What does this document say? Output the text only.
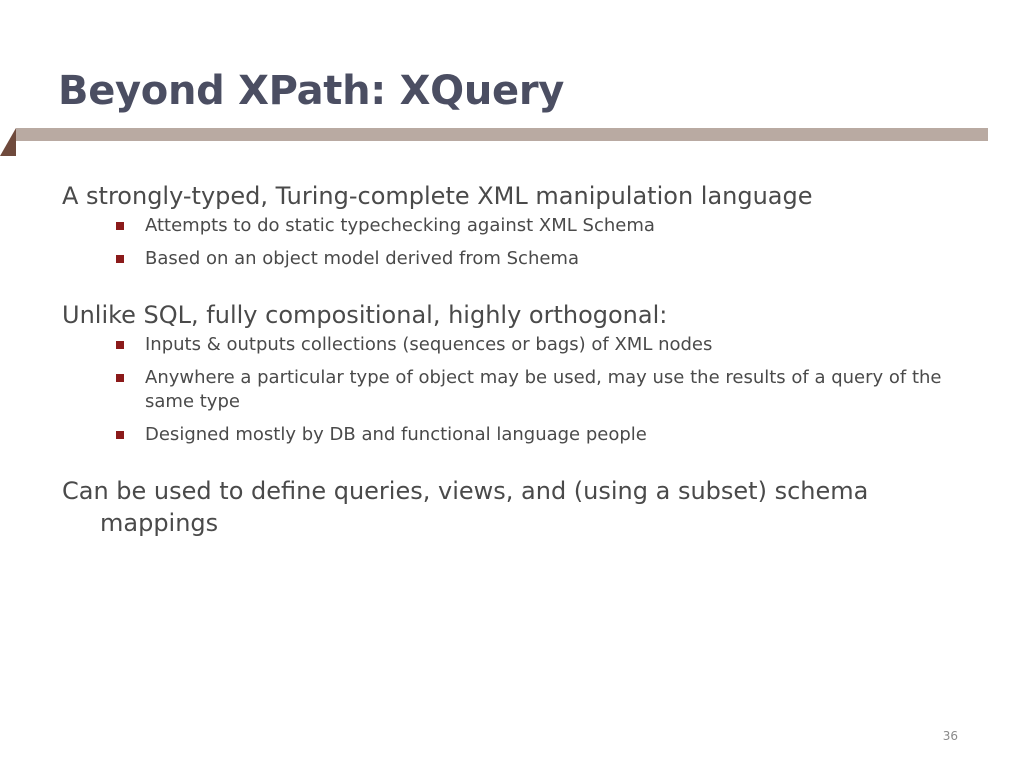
Beyond XPath: XQuery

A strongly-typed, Turing-complete XML manipulation language

Attempts to do static typechecking against XML Schema
Based on an object model derived from Schema

Unlike SQL, fully compositional, highly orthogonal:

Inputs & outputs collections (sequences or bags) of XML nodes
Anywhere a particular type of object may be used, may use the results of a query of the same type
Designed mostly by DB and functional language people

Can be used to define queries, views, and (using a subset) schema mappings

36
